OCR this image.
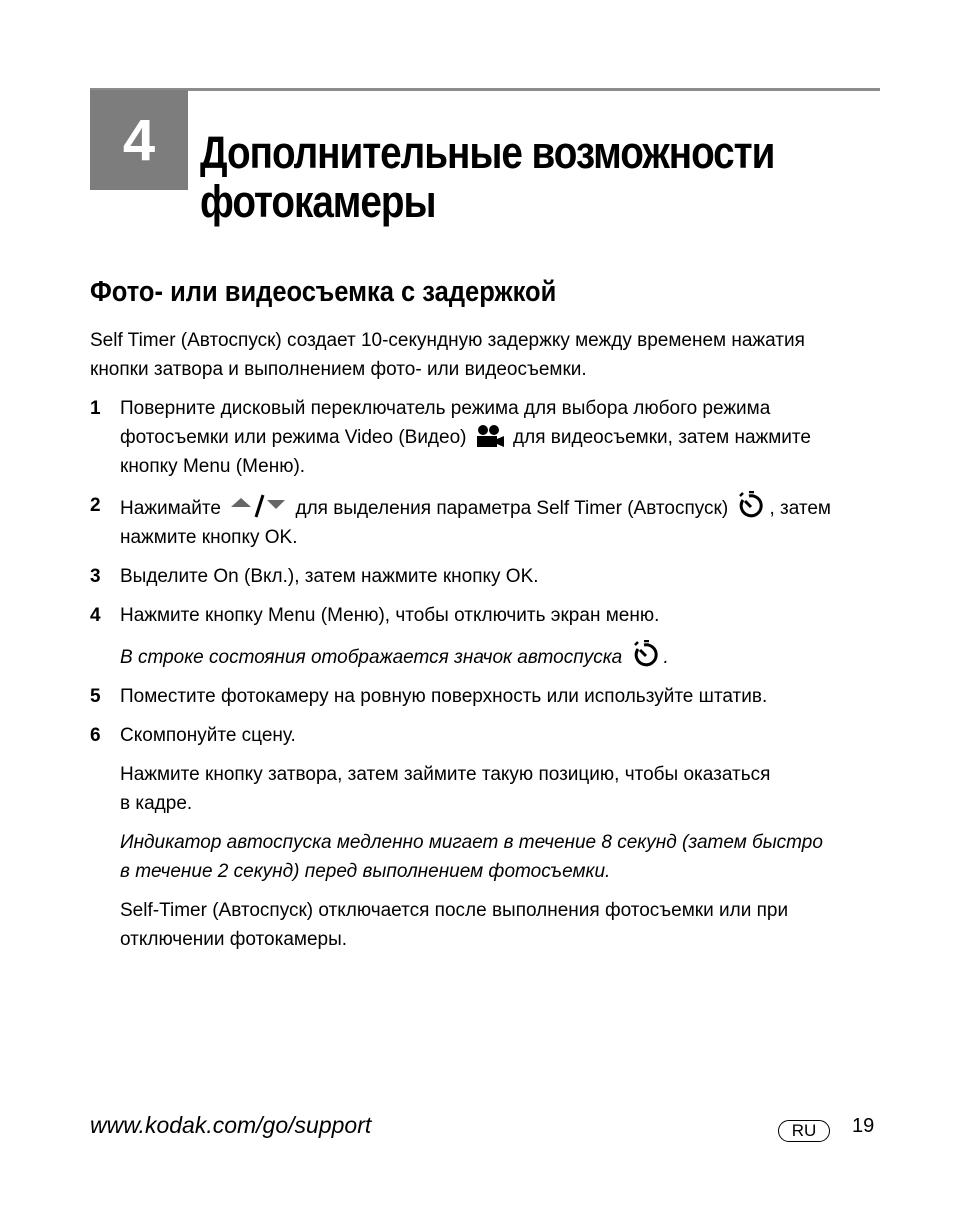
4 Дополнительные возможности
фотокамеры
Фото- или видеосъемка с задержкой

Self Timer (Автоспуск) создает 10-секундную задержку между временем нажатия
кнопки затвора и выполнением фото- или видеосъемки.

1 Поверните дисковый переключатель режима для выбора любого режима
фотосъемки или режима Video (Видео) для видеосъемки, затем нажмите
кнопку Menu (Меню).
2 Нажимайте	для выделения параметра Self Timer (Автоспуск) , затем
нажмите кнопку OK.
3 Выделите On (Вкл.), затем нажмите кнопку OK.
4 Нажмите кнопку Menu (Меню), чтобы отключить экран меню.

В строке состояния отображается значок автоспуска .

5 Поместите фотокамеру на ровную поверхность или используйте штатив.
6 Скомпонуйте сцену.

Нажмите кнопку затвора, затем займите такую позицию, чтобы оказаться
в кадре.

Индикатор автоспуска медленно мигает в течение 8 секунд (затем быстро
в течение 2 секунд) перед выполнением фотосъемки.

Self-Timer (Автоспуск) отключается после выполнения фотосъемки или при
отключении фотокамеры.

www.kodak.com/go/support	RU	19
